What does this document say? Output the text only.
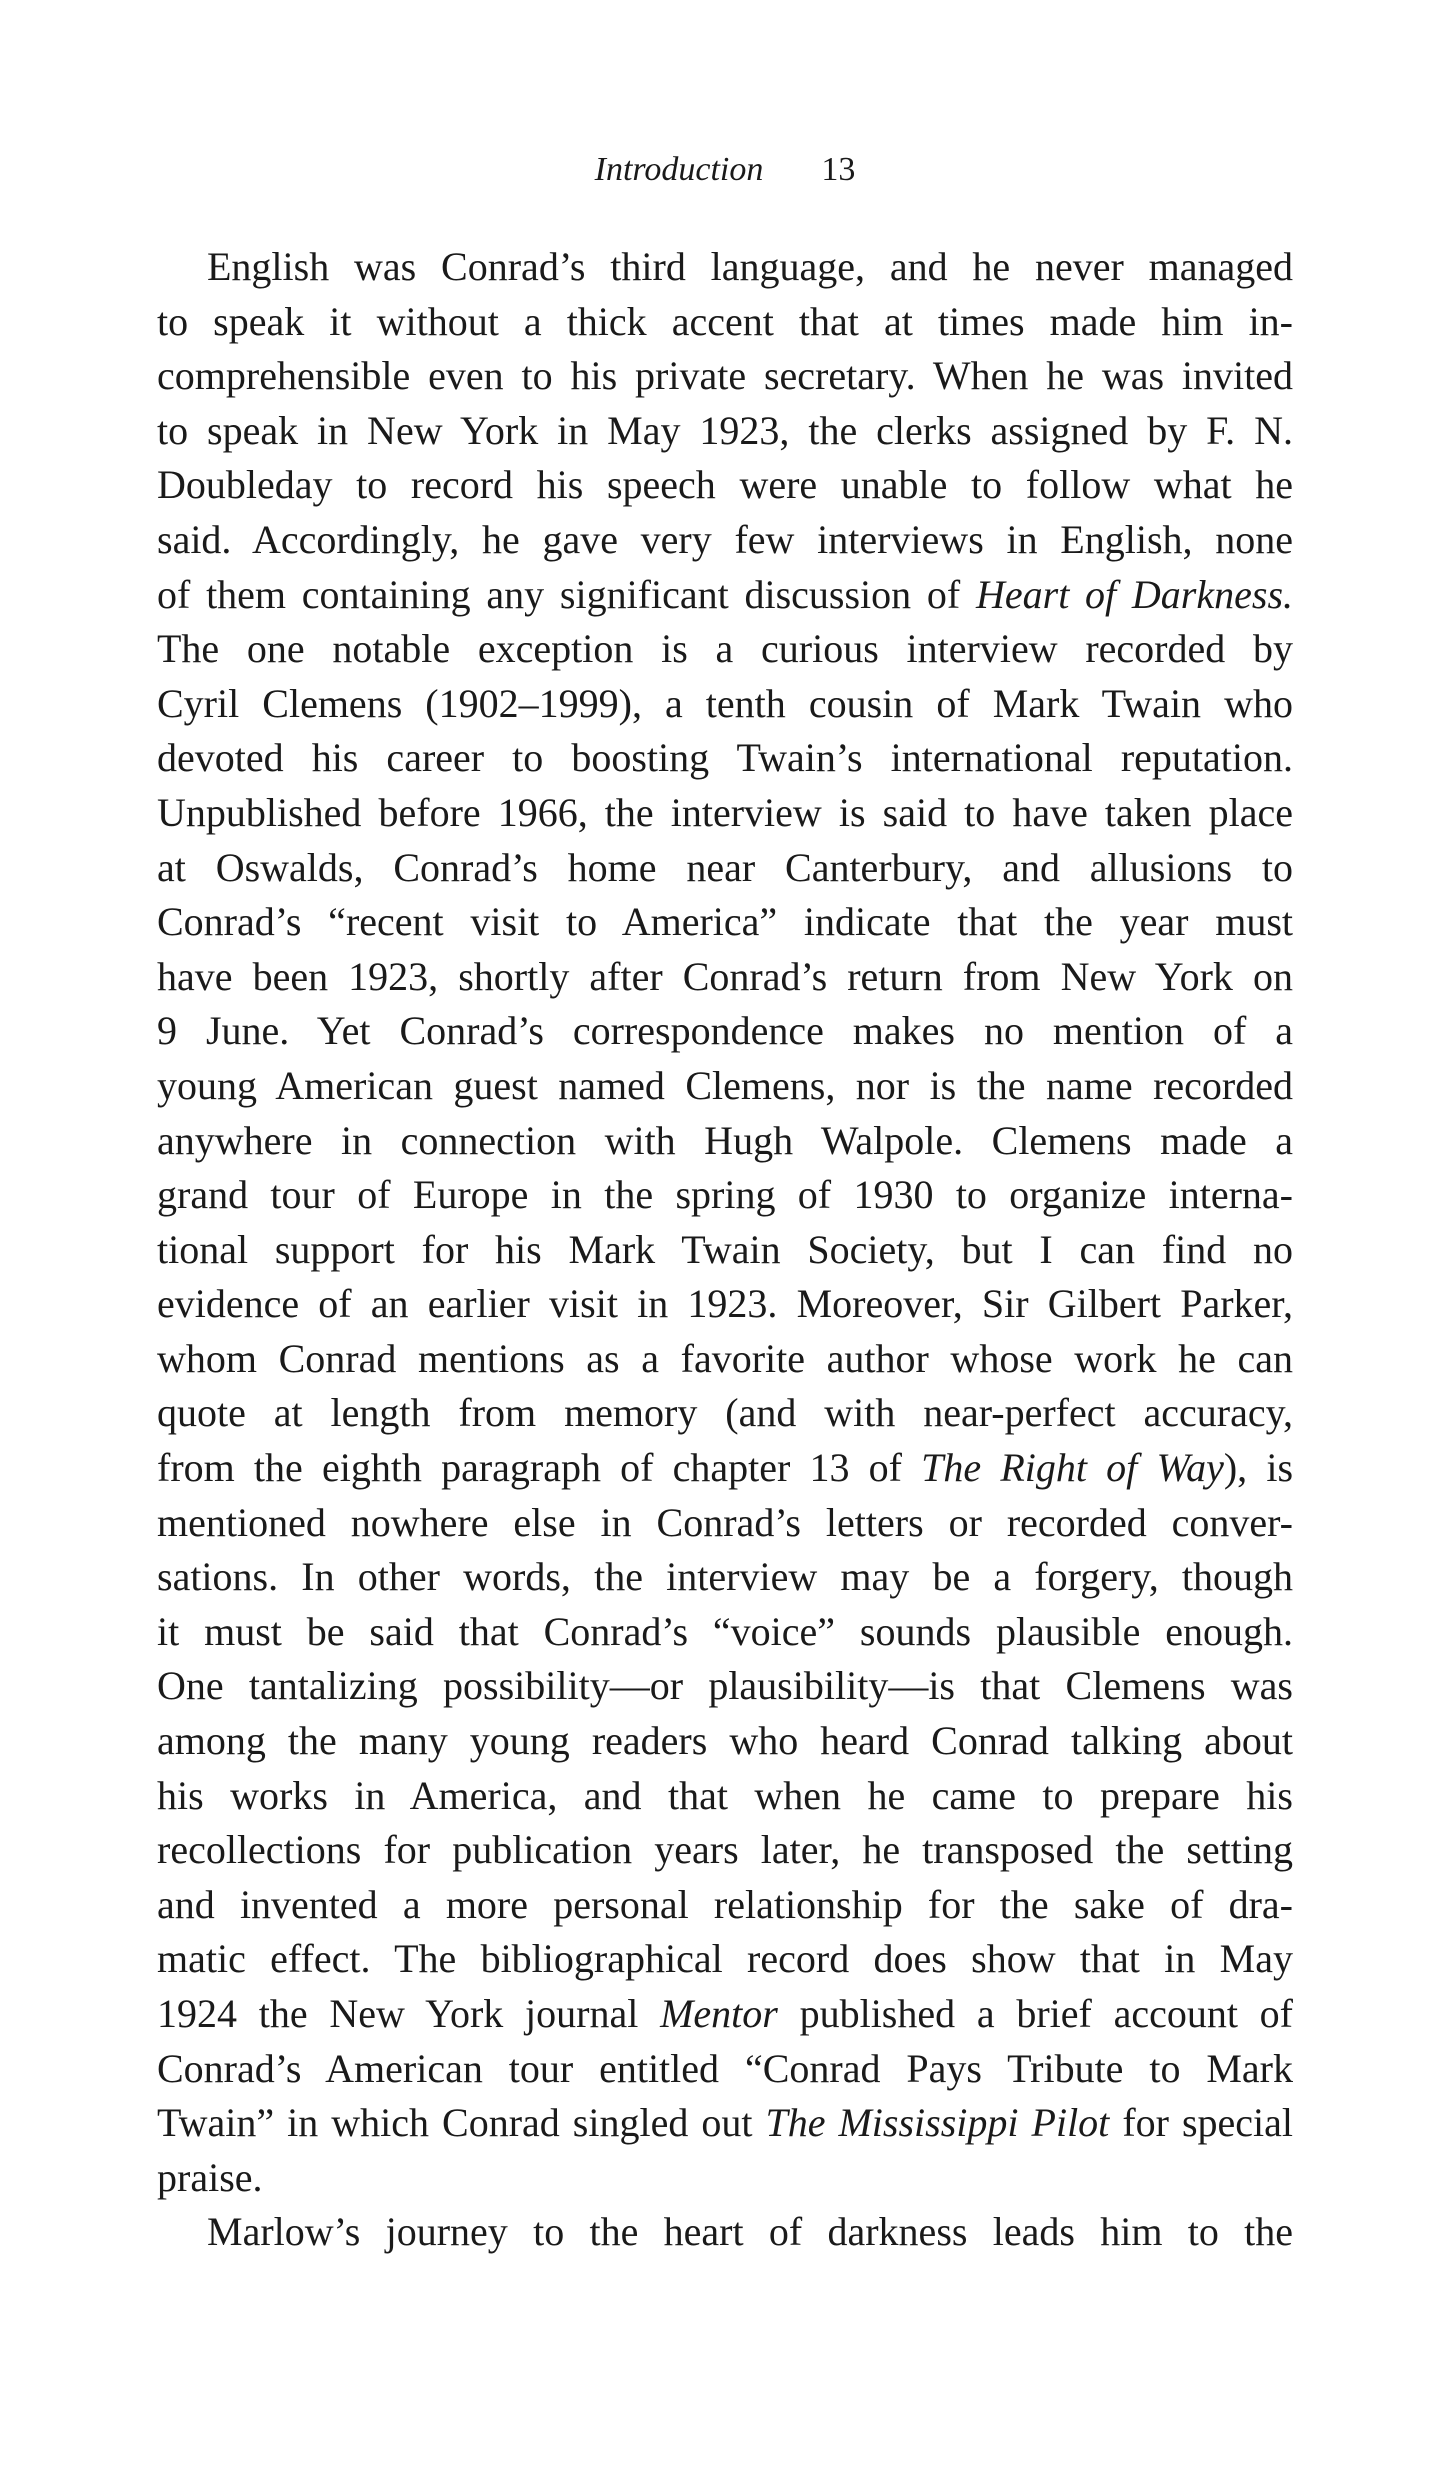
Introduction 13
English was Conrad’s third language, and he never managed
to speak it without a thick accent that at times made him in-
comprehensible even to his private secretary. When he was invited
to speak in New York in May 1923, the clerks assigned by F. N.
Doubleday to record his speech were unable to follow what he
said. Accordingly, he gave very few interviews in English, none
of them containing any significant discussion of Heart of Darkness.
The one notable exception is a curious interview recorded by
Cyril Clemens (1902–1999), a tenth cousin of Mark Twain who
devoted his career to boosting Twain’s international reputation.
Unpublished before 1966, the interview is said to have taken place
at Oswalds, Conrad’s home near Canterbury, and allusions to
Conrad’s “recent visit to America” indicate that the year must
have been 1923, shortly after Conrad’s return from New York on
9 June. Yet Conrad’s correspondence makes no mention of a
young American guest named Clemens, nor is the name recorded
anywhere in connection with Hugh Walpole. Clemens made a
grand tour of Europe in the spring of 1930 to organize interna-
tional support for his Mark Twain Society, but I can find no
evidence of an earlier visit in 1923. Moreover, Sir Gilbert Parker,
whom Conrad mentions as a favorite author whose work he can
quote at length from memory (and with near-perfect accuracy,
from the eighth paragraph of chapter 13 of The Right of Way), is
mentioned nowhere else in Conrad’s letters or recorded conver-
sations. In other words, the interview may be a forgery, though
it must be said that Conrad’s “voice” sounds plausible enough.
One tantalizing possibility—or plausibility—is that Clemens was
among the many young readers who heard Conrad talking about
his works in America, and that when he came to prepare his
recollections for publication years later, he transposed the setting
and invented a more personal relationship for the sake of dra-
matic effect. The bibliographical record does show that in May
1924 the New York journal Mentor published a brief account of
Conrad’s American tour entitled “Conrad Pays Tribute to Mark
Twain” in which Conrad singled out The Mississippi Pilot for special
praise.
Marlow’s journey to the heart of darkness leads him to the
